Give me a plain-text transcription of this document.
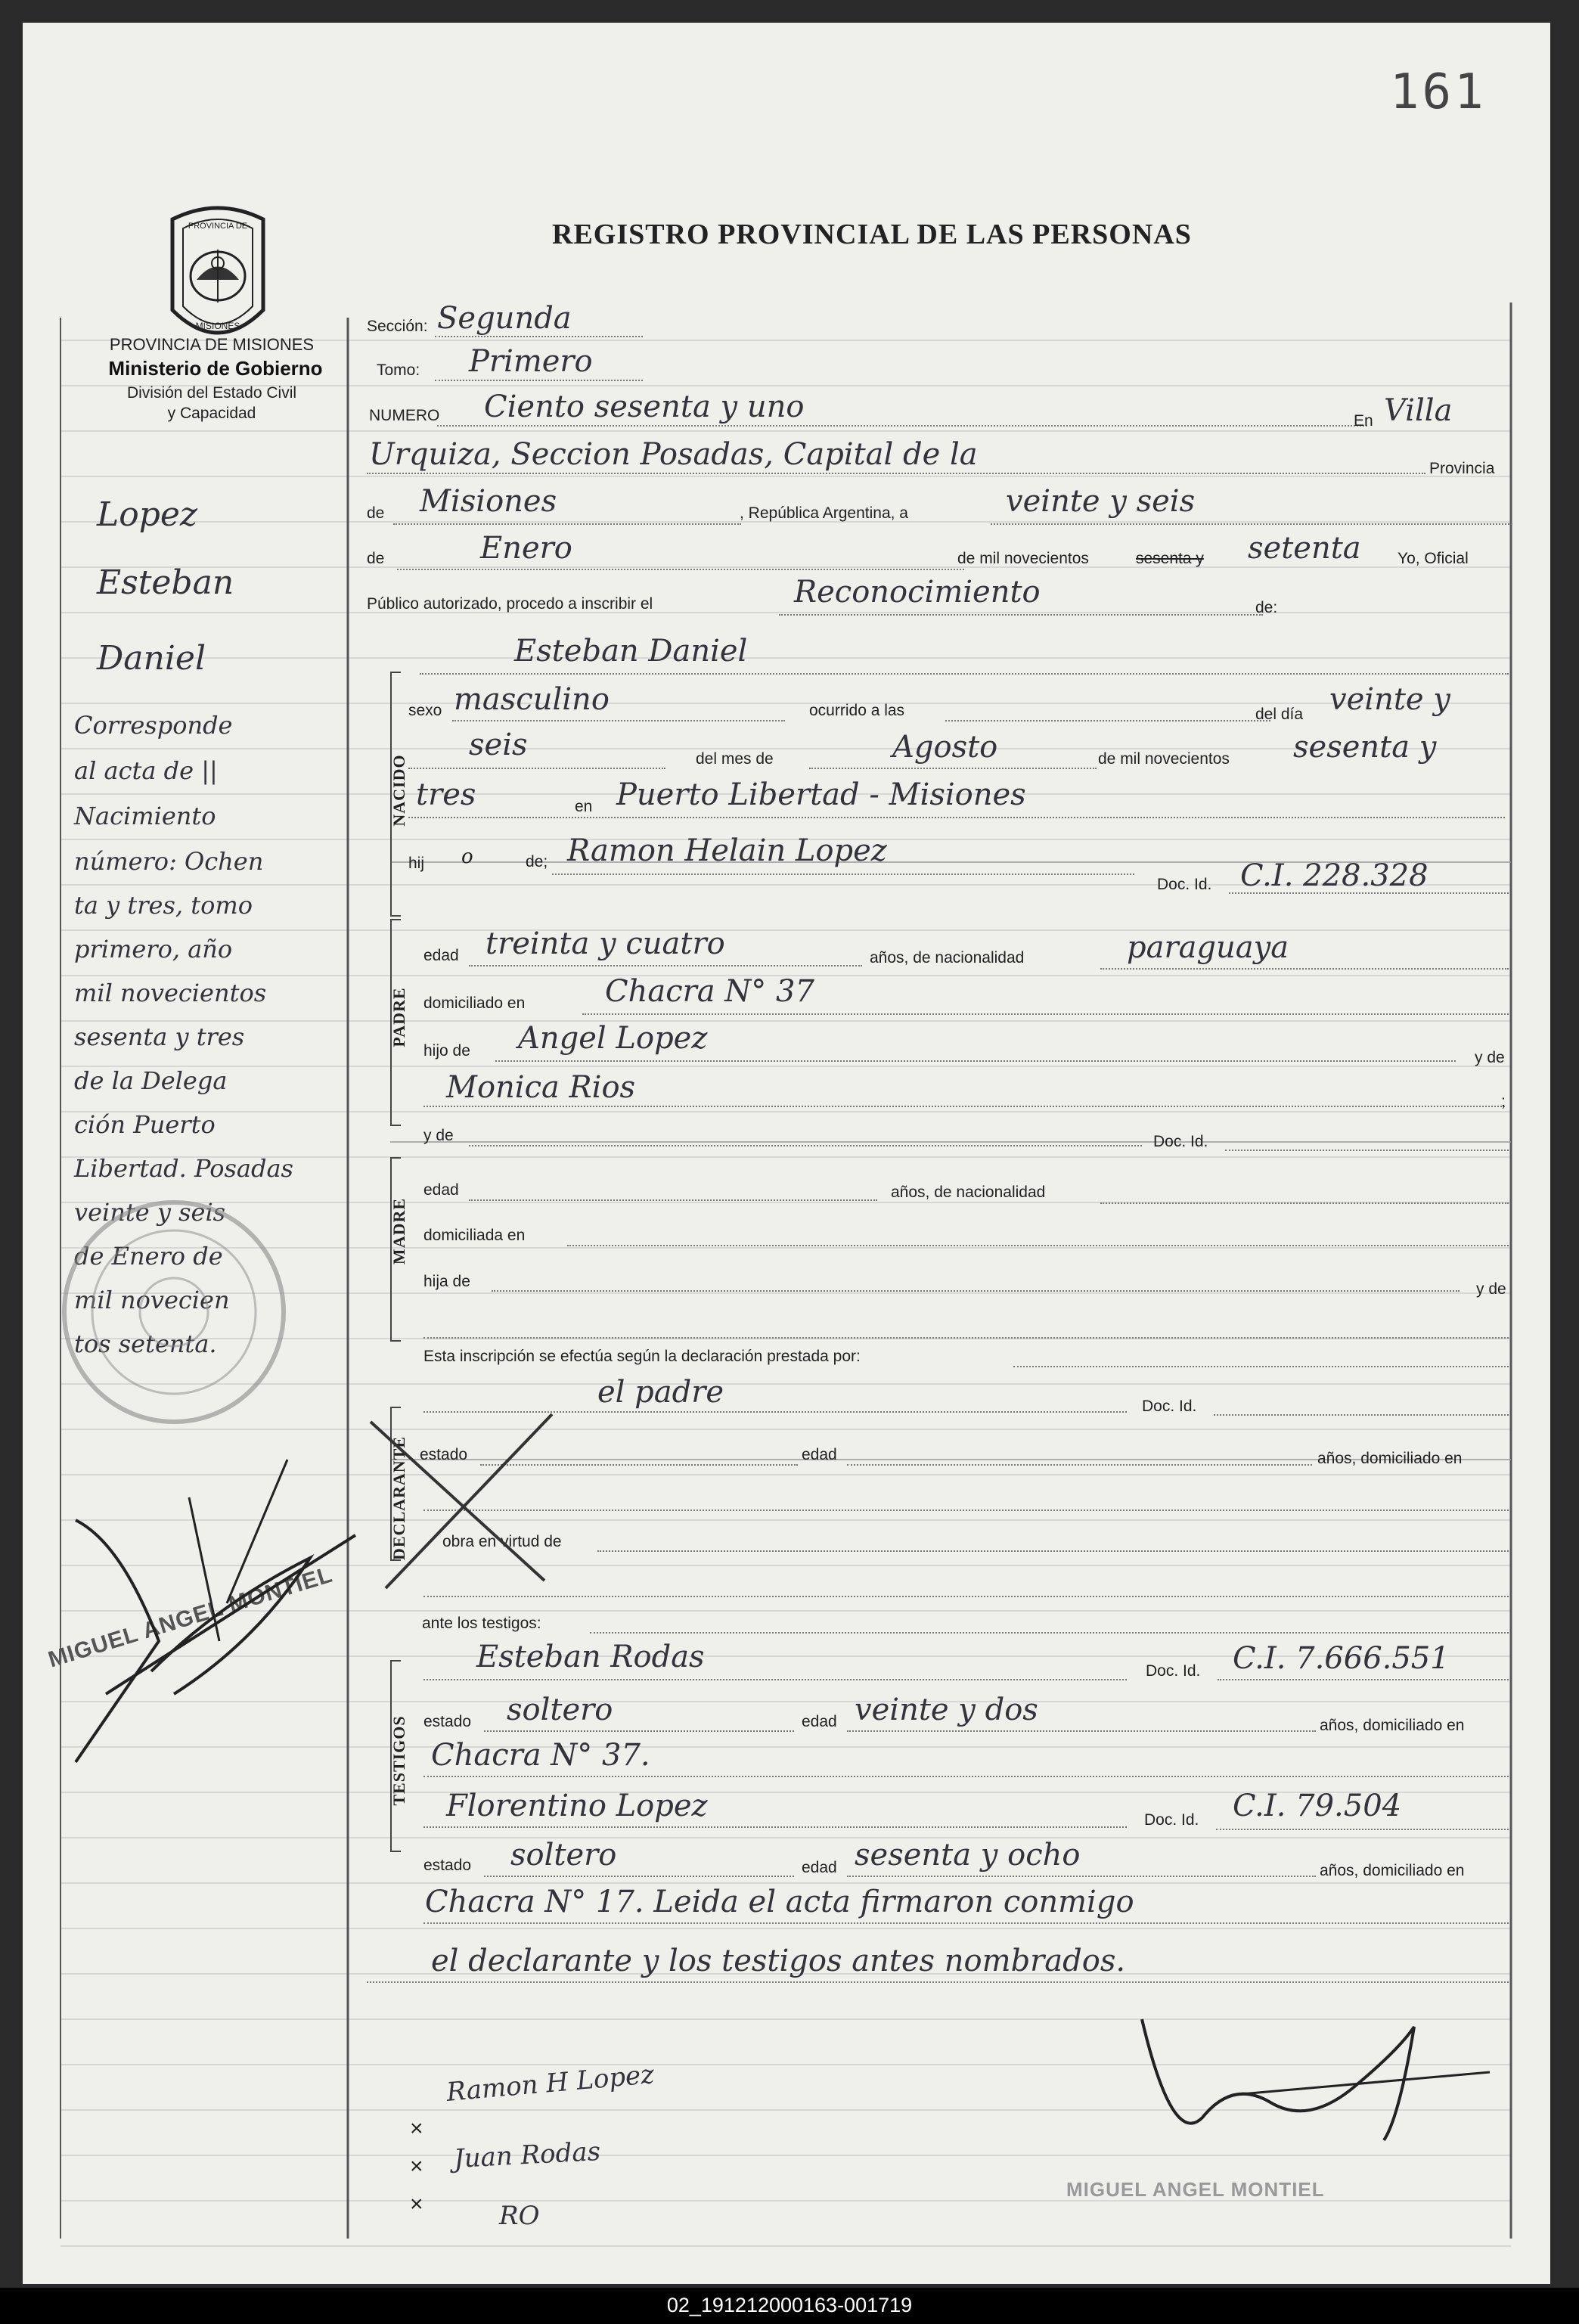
161
PROVINCIA DE
MISIONES
PROVINCIA DE MISIONES
Ministerio de Gobierno
División del Estado Civil
y Capacidad
REGISTRO PROVINCIAL DE LAS PERSONAS
Lopez
Esteban
Daniel
Corresponde
al acta de ||
Nacimiento
número: Ochen
ta y tres, tomo
primero, año
mil novecientos
sesenta y tres
de la Delega
ción Puerto
Libertad. Posadas
veinte y seis
de Enero de
mil novecien
tos setenta.
MIGUEL ANGEL MONTIEL
Ramon H Lopez
Juan Rodas
RO
×
×
×
MIGUEL ANGEL MONTIEL
NACIDO
PADRE
MADRE
DECLARANTE
TESTIGOS
Sección: Segunda
Tomo: Primero
NUMERO Ciento sesenta y uno	En Villa
Urquiza, Seccion Posadas, Capital de la	Provincia
de Misiones	, República Argentina, a	veinte y seis
de	Enero	de mil novecientos	sesenta y setenta Yo, Oficial
Público autorizado, procedo a inscribir el	Reconocimiento	de:
Esteban Daniel
sexo masculino	ocurrido a las	del día veinte y
seis	del mes de	Agosto	de mil novecientos sesenta y
tres	en Puerto Libertad - Misiones
hij o	de; Ramon Helain Lopez
Doc. Id. C.I. 228.328
edad treinta y cuatro	años, de nacionalidad	paraguaya
domiciliado en	Chacra N° 37
hijo de Angel Lopez
y de
Monica Rios	;
y de	Doc. Id.
edad	años, de nacionalidad
domiciliada en
hija de	y de
Esta inscripción se efectúa según la declaración prestada por:
el padre	Doc. Id.
estado	edad	años, domiciliado en
obra en virtud de
ante los testigos:
Esteban Rodas	Doc. Id. C.I. 7.666.551
estado soltero	edad veinte y dos	años, domiciliado en
Chacra N° 37.
Florentino Lopez	Doc. Id. C.I. 79.504
estado soltero	edad sesenta y ocho	años, domiciliado en
Chacra N° 17. Leida el acta firmaron conmigo
el declarante y los testigos antes nombrados.
02_191212000163-001719
